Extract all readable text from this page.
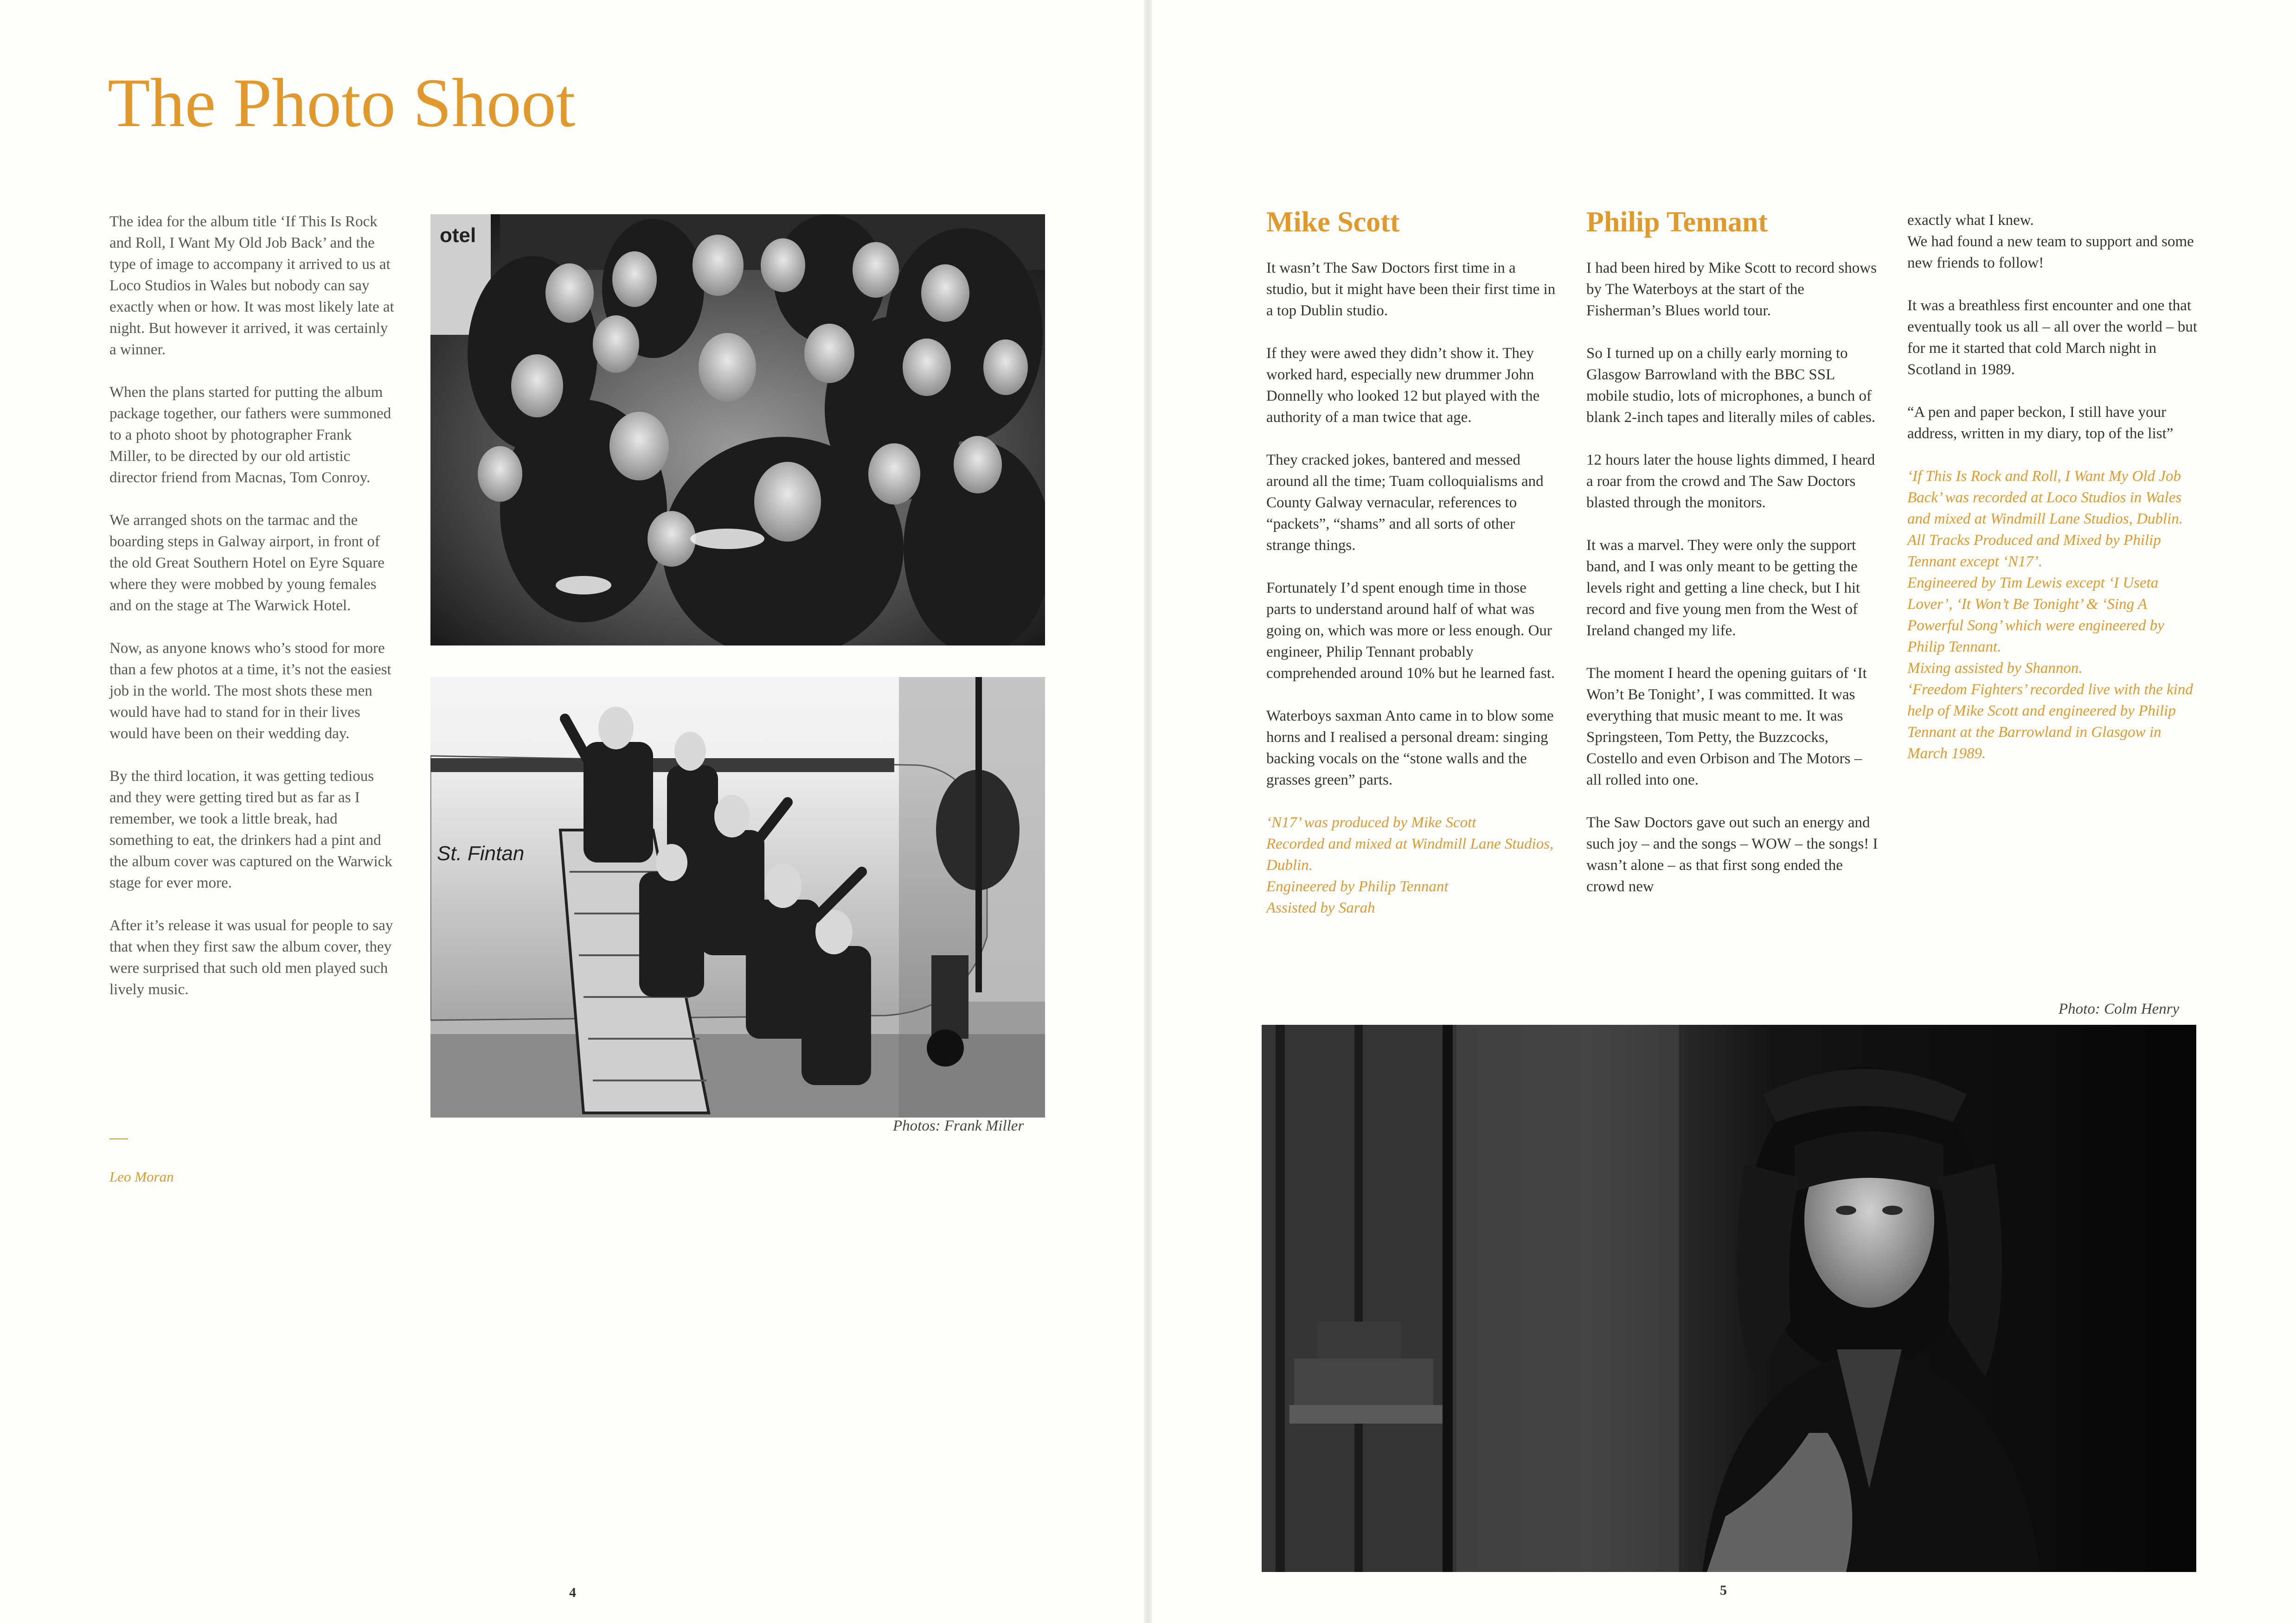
The Photo Shoot

The idea for the album title ‘If This Is Rock and Roll, I Want My Old Job Back’ and the type of image to accompany it arrived to us at Loco Studios in Wales but nobody can say exactly when or how. It was most likely late at night. But however it arrived, it was certainly a winner.

When the plans started for putting the album package together, our fathers were summoned to a photo shoot by photographer Frank Miller, to be directed by our old artistic director friend from Macnas, Tom Conroy.

We arranged shots on the tarmac and the boarding steps in Galway airport, in front of the old Great Southern Hotel on Eyre Square where they were mobbed by young females and on the stage at The Warwick Hotel.

Now, as anyone knows who’s stood for more than a few photos at a time, it’s not the easiest job in the world. The most shots these men would have had to stand for in their lives would have been on their wedding day.

By the third location, it was getting tedious and they were getting tired but as far as I remember, we took a little break, had something to eat, the drinkers had a pint and the album cover was captured on the Warwick stage for ever more.

After it’s release it was usual for people to say that when they first saw the album cover, they were surprised that such old men played such lively music.

Leo Moran
otel
St. Fintan
Photos: Frank Miller
4
Mike Scott	Philip Tennant

It wasn’t The Saw Doctors first time in a studio, but it might have been their first time in a top Dublin studio.

If they were awed they didn’t show it. They worked hard, especially new drummer John Donnelly who looked 12 but played with the authority of a man twice that age.

They cracked jokes, bantered and messed around all the time; Tuam colloquialisms and County Galway vernacular, references to “packets”, “shams” and all sorts of other strange things.

Fortunately I’d spent enough time in those parts to understand around half of what was going on, which was more or less enough. Our engineer, Philip Tennant probably comprehended around 10% but he learned fast.

Waterboys saxman Anto came in to blow some horns and I realised a personal dream: singing backing vocals on the “stone walls and the grasses green” parts.

‘N17’ was produced by Mike Scott
Recorded and mixed at Windmill Lane Studios, Dublin.
Engineered by Philip Tennant
Assisted by Sarah

I had been hired by Mike Scott to record shows by The Waterboys at the start of the Fisherman’s Blues world tour.

So I turned up on a chilly early morning to Glasgow Barrowland with the BBC SSL mobile studio, lots of microphones, a bunch of blank 2-inch tapes and literally miles of cables.

12 hours later the house lights dimmed, I heard a roar from the crowd and The Saw Doctors blasted through the monitors.

It was a marvel. They were only the support band, and I was only meant to be getting the levels right and getting a line check, but I hit record and five young men from the West of Ireland changed my life.

The moment I heard the opening guitars of ‘It Won’t Be Tonight’, I was committed. It was everything that music meant to me. It was Springsteen, Tom Petty, the Buzzcocks, Costello and even Orbison and The Motors – all rolled into one.

The Saw Doctors gave out such an energy and such joy – and the songs – WOW – the songs! I wasn’t alone – as that first song ended the crowd new

exactly what I knew.
We had found a new team to support and some new friends to follow!

It was a breathless first encounter and one that eventually took us all – all over the world – but for me it started that cold March night in Scotland in 1989.

“A pen and paper beckon, I still have your address, written in my diary, top of the list”

‘If This Is Rock and Roll, I Want My Old Job Back’ was recorded at Loco Studios in Wales and mixed at Windmill Lane Studios, Dublin.
All Tracks Produced and Mixed by Philip Tennant except ‘N17’.
Engineered by Tim Lewis except ‘I Useta Lover’, ‘It Won’t Be Tonight’ & ‘Sing A Powerful Song’ which were engineered by Philip Tennant.
Mixing assisted by Shannon.
‘Freedom Fighters’ recorded live with the kind help of Mike Scott and engineered by Philip Tennant at the Barrowland in Glasgow in March 1989.

Photo: Colm Henry
5
